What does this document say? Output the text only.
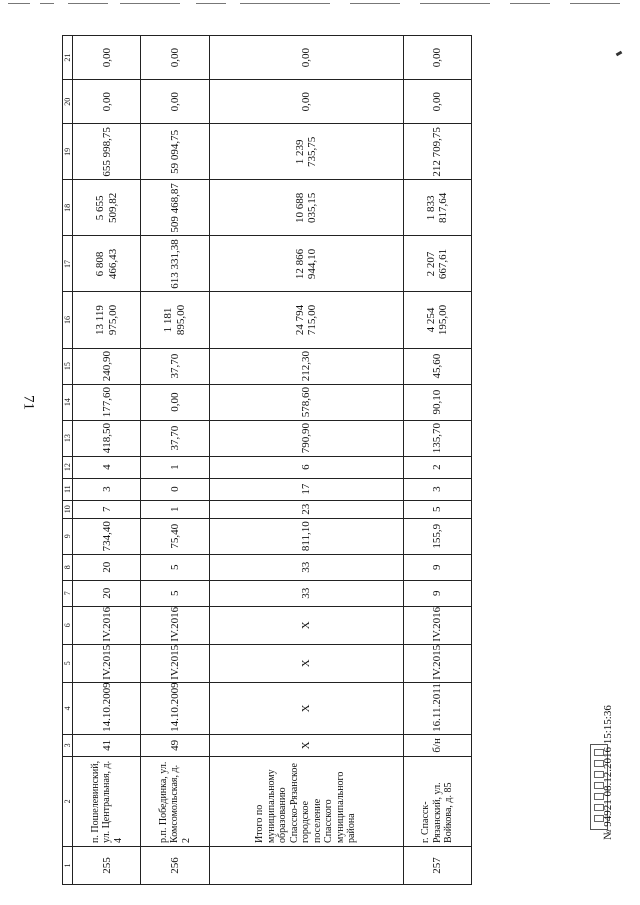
71
1	2	3	4	5	6	7	8	9	10	11	12	13	14	15	16	17	18	19	20	21
255	п. Пошелевинский, ул. Центральная, д. 4	41	14.10.2009	IV.2015	IV.2016	20	20	734,40	7	3	4	418,50	177,60	240,90	13 119 975,00	6 808 466,43	5 655 509,82	655 998,75	0,00	0,00
256	р.п. Побединка, ул. Комсомольская, д. 2	49	14.10.2009	IV.2015	IV.2016	5	5	75,40	1	0	1	37,70	0,00	37,70	1 181 895,00	613 331,38	509 468,87	59 094,75	0,00	0,00
	Итого по муниципальному образованию Спасско-Рязанское городское поселение Спасского муниципального района	X	X	X	X	33	33	811,10	23	17	6	790,90	578,60	212,30	24 794 715,00	12 866 944,10	10 688 035,15	1 239 735,75	0,00	0,00
257	г. Спасск-Рязанский, ул. Войкова, д. 85	б/н	16.11.2011	IV.2015	IV.2016	9	9	155,9	5	3	2	135,70	90,10	45,60	4 254 195,00	2 207 667,61	1 833 817,64	212 709,75	0,00	0,00
№ 94921 08.12.2016 15:15:36
